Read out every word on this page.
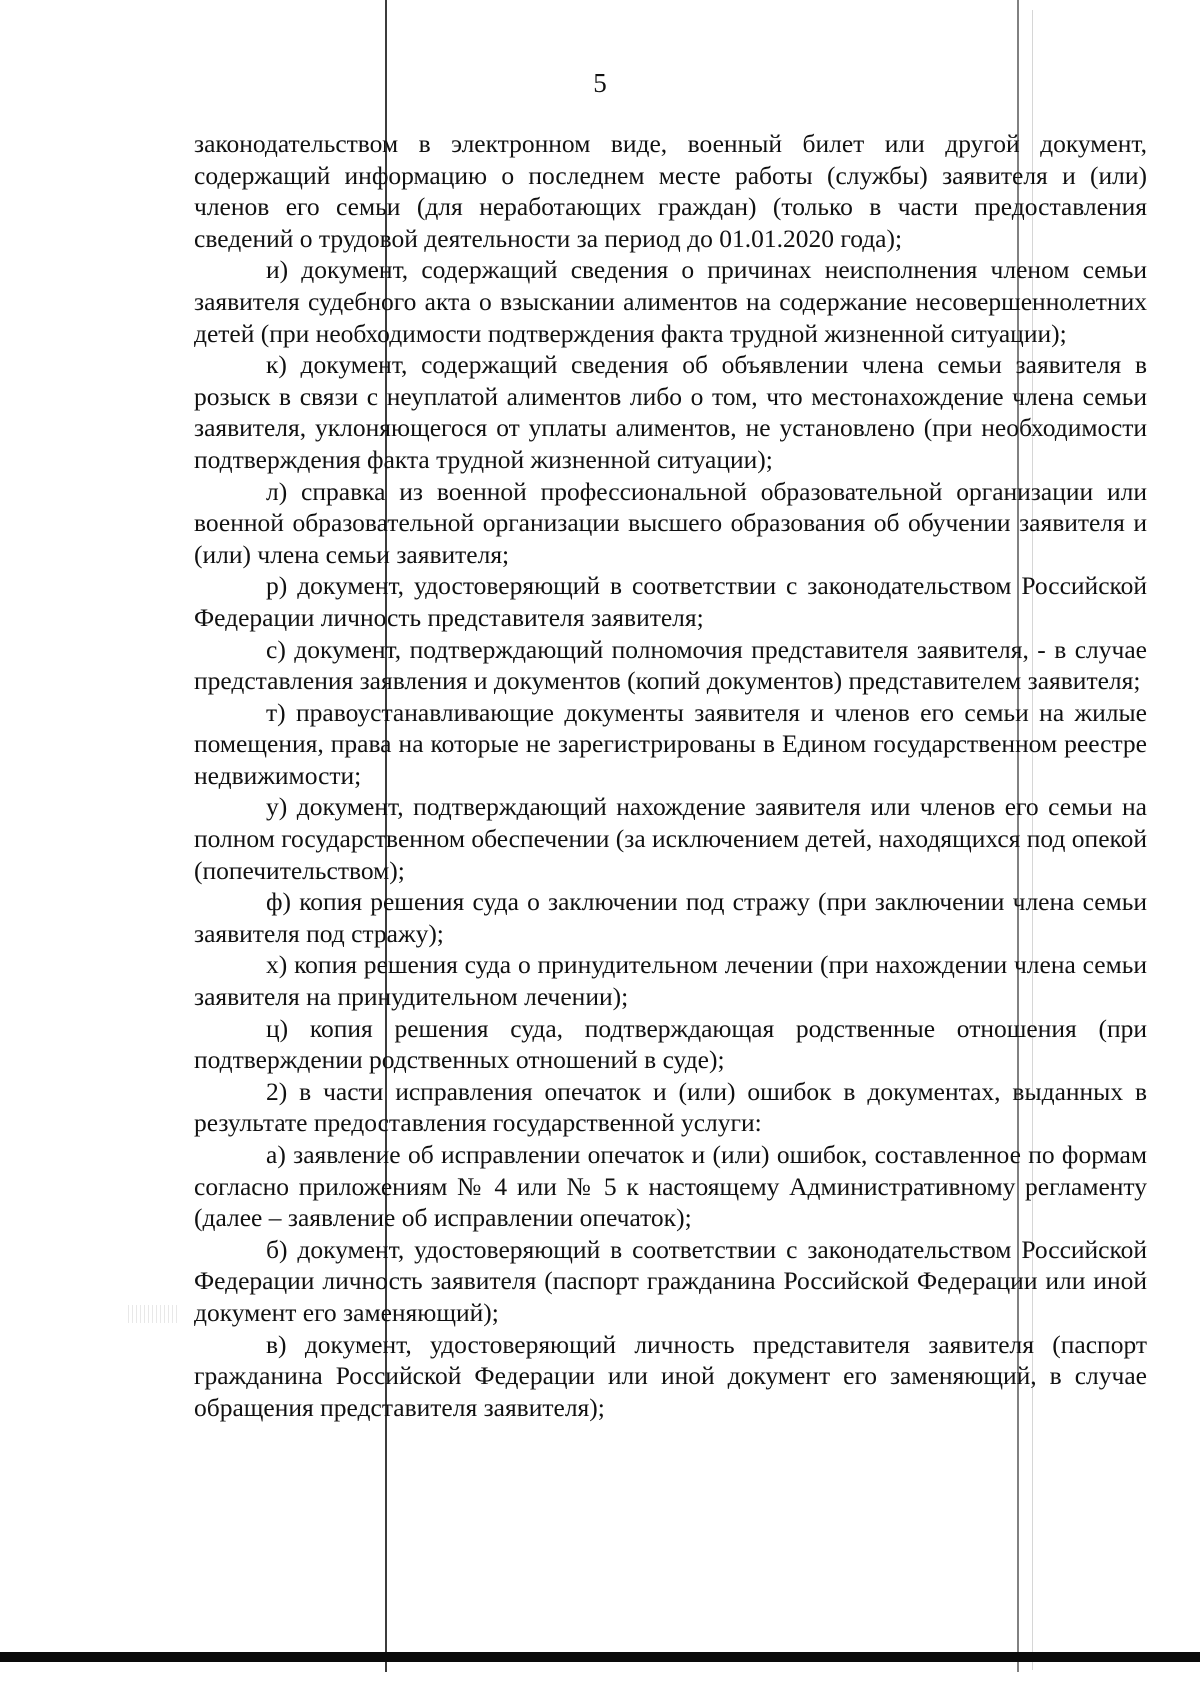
5

законодательством в электронном виде, военный билет или другой документ, содержащий информацию о последнем месте работы (службы) заявителя и (или) членов его семьи (для неработающих граждан) (только в части предоставления сведений о трудовой деятельности за период до 01.01.2020 года);

и) документ, содержащий сведения о причинах неисполнения членом семьи заявителя судебного акта о взыскании алиментов на содержание несовершеннолетних детей (при необходимости подтверждения факта трудной жизненной ситуации);

к) документ, содержащий сведения об объявлении члена семьи заявителя в розыск в связи с неуплатой алиментов либо о том, что местонахождение члена семьи заявителя, уклоняющегося от уплаты алиментов, не установлено (при необходимости подтверждения факта трудной жизненной ситуации);

л) справка из военной профессиональной образовательной организации или военной образовательной организации высшего образования об обучении заявителя и (или) члена семьи заявителя;

р) документ, удостоверяющий в соответствии с законодательством Российской Федерации личность представителя заявителя;

с) документ, подтверждающий полномочия представителя заявителя, - в случае представления заявления и документов (копий документов) представителем заявителя;

т) правоустанавливающие документы заявителя и членов его семьи на жилые помещения, права на которые не зарегистрированы в Едином государственном реестре недвижимости;

у) документ, подтверждающий нахождение заявителя или членов его семьи на полном государственном обеспечении (за исключением детей, находящихся под опекой (попечительством);

ф) копия решения суда о заключении под стражу (при заключении члена семьи заявителя под стражу);

х) копия решения суда о принудительном лечении (при нахождении члена семьи заявителя на принудительном лечении);

ц) копия решения суда, подтверждающая родственные отношения (при подтверждении родственных отношений в суде);

2) в части исправления опечаток и (или) ошибок в документах, выданных в результате предоставления государственной услуги:

а) заявление об исправлении опечаток и (или) ошибок, составленное по формам согласно приложениям № 4 или № 5 к настоящему Административному регламенту (далее – заявление об исправлении опечаток);

б) документ, удостоверяющий в соответствии с законодательством Российской Федерации личность заявителя (паспорт гражданина Российской Федерации или иной документ его заменяющий);

в) документ, удостоверяющий личность представителя заявителя (паспорт гражданина Российской Федерации или иной документ его заменяющий, в случае обращения представителя заявителя);
